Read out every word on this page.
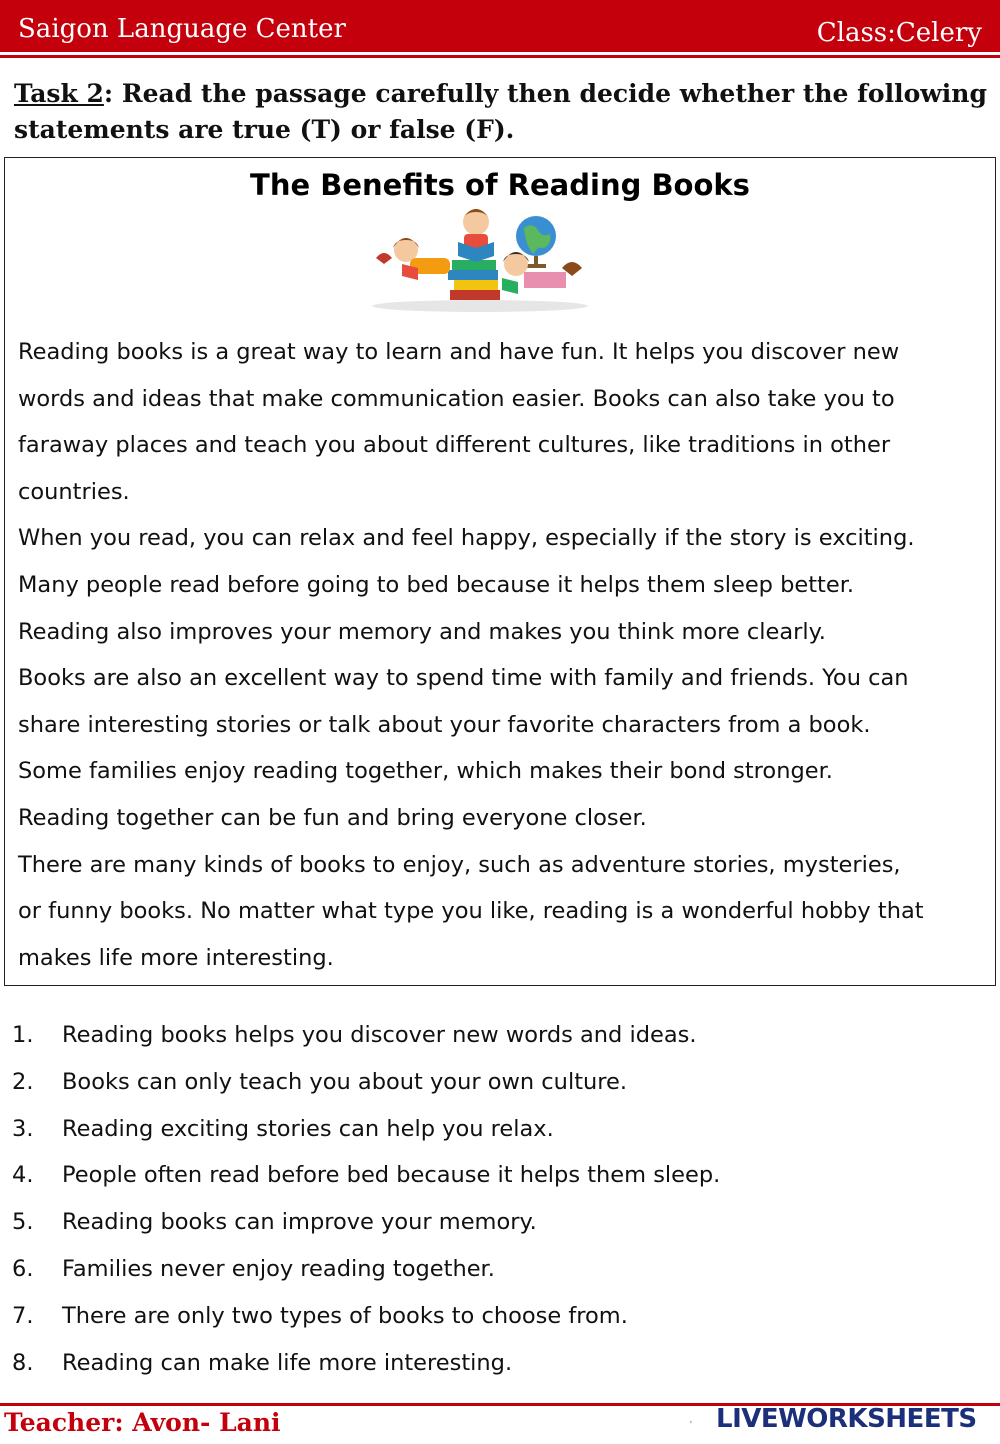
Saigon Language Center	Class:Celery
Task 2: Read the passage carefully then decide whether the following statements are true (T) or false (F).
The Benefits of Reading Books

Reading books is a great way to learn and have fun. It helps you discover new

words and ideas that make communication easier. Books can also take you to

faraway places and teach you about different cultures, like traditions in other

countries.

When you read, you can relax and feel happy, especially if the story is exciting.

Many people read before going to bed because it helps them sleep better.

Reading also improves your memory and makes you think more clearly.

Books are also an excellent way to spend time with family and friends. You can

share interesting stories or talk about your favorite characters from a book.

Some families enjoy reading together, which makes their bond stronger.

Reading together can be fun and bring everyone closer.

There are many kinds of books to enjoy, such as adventure stories, mysteries,

or funny books. No matter what type you like, reading is a wonderful hobby that

makes life more interesting.

1. Reading books helps you discover new words and ideas.
2. Books can only teach you about your own culture.
3. Reading exciting stories can help you relax.
4. People often read before bed because it helps them sleep.
5. Reading books can improve your memory.
6. Families never enjoy reading together.
7. There are only two types of books to choose from.
8. Reading can make life more interesting.
Teacher: Avon- Lani	LIVEWORKSHEETS
